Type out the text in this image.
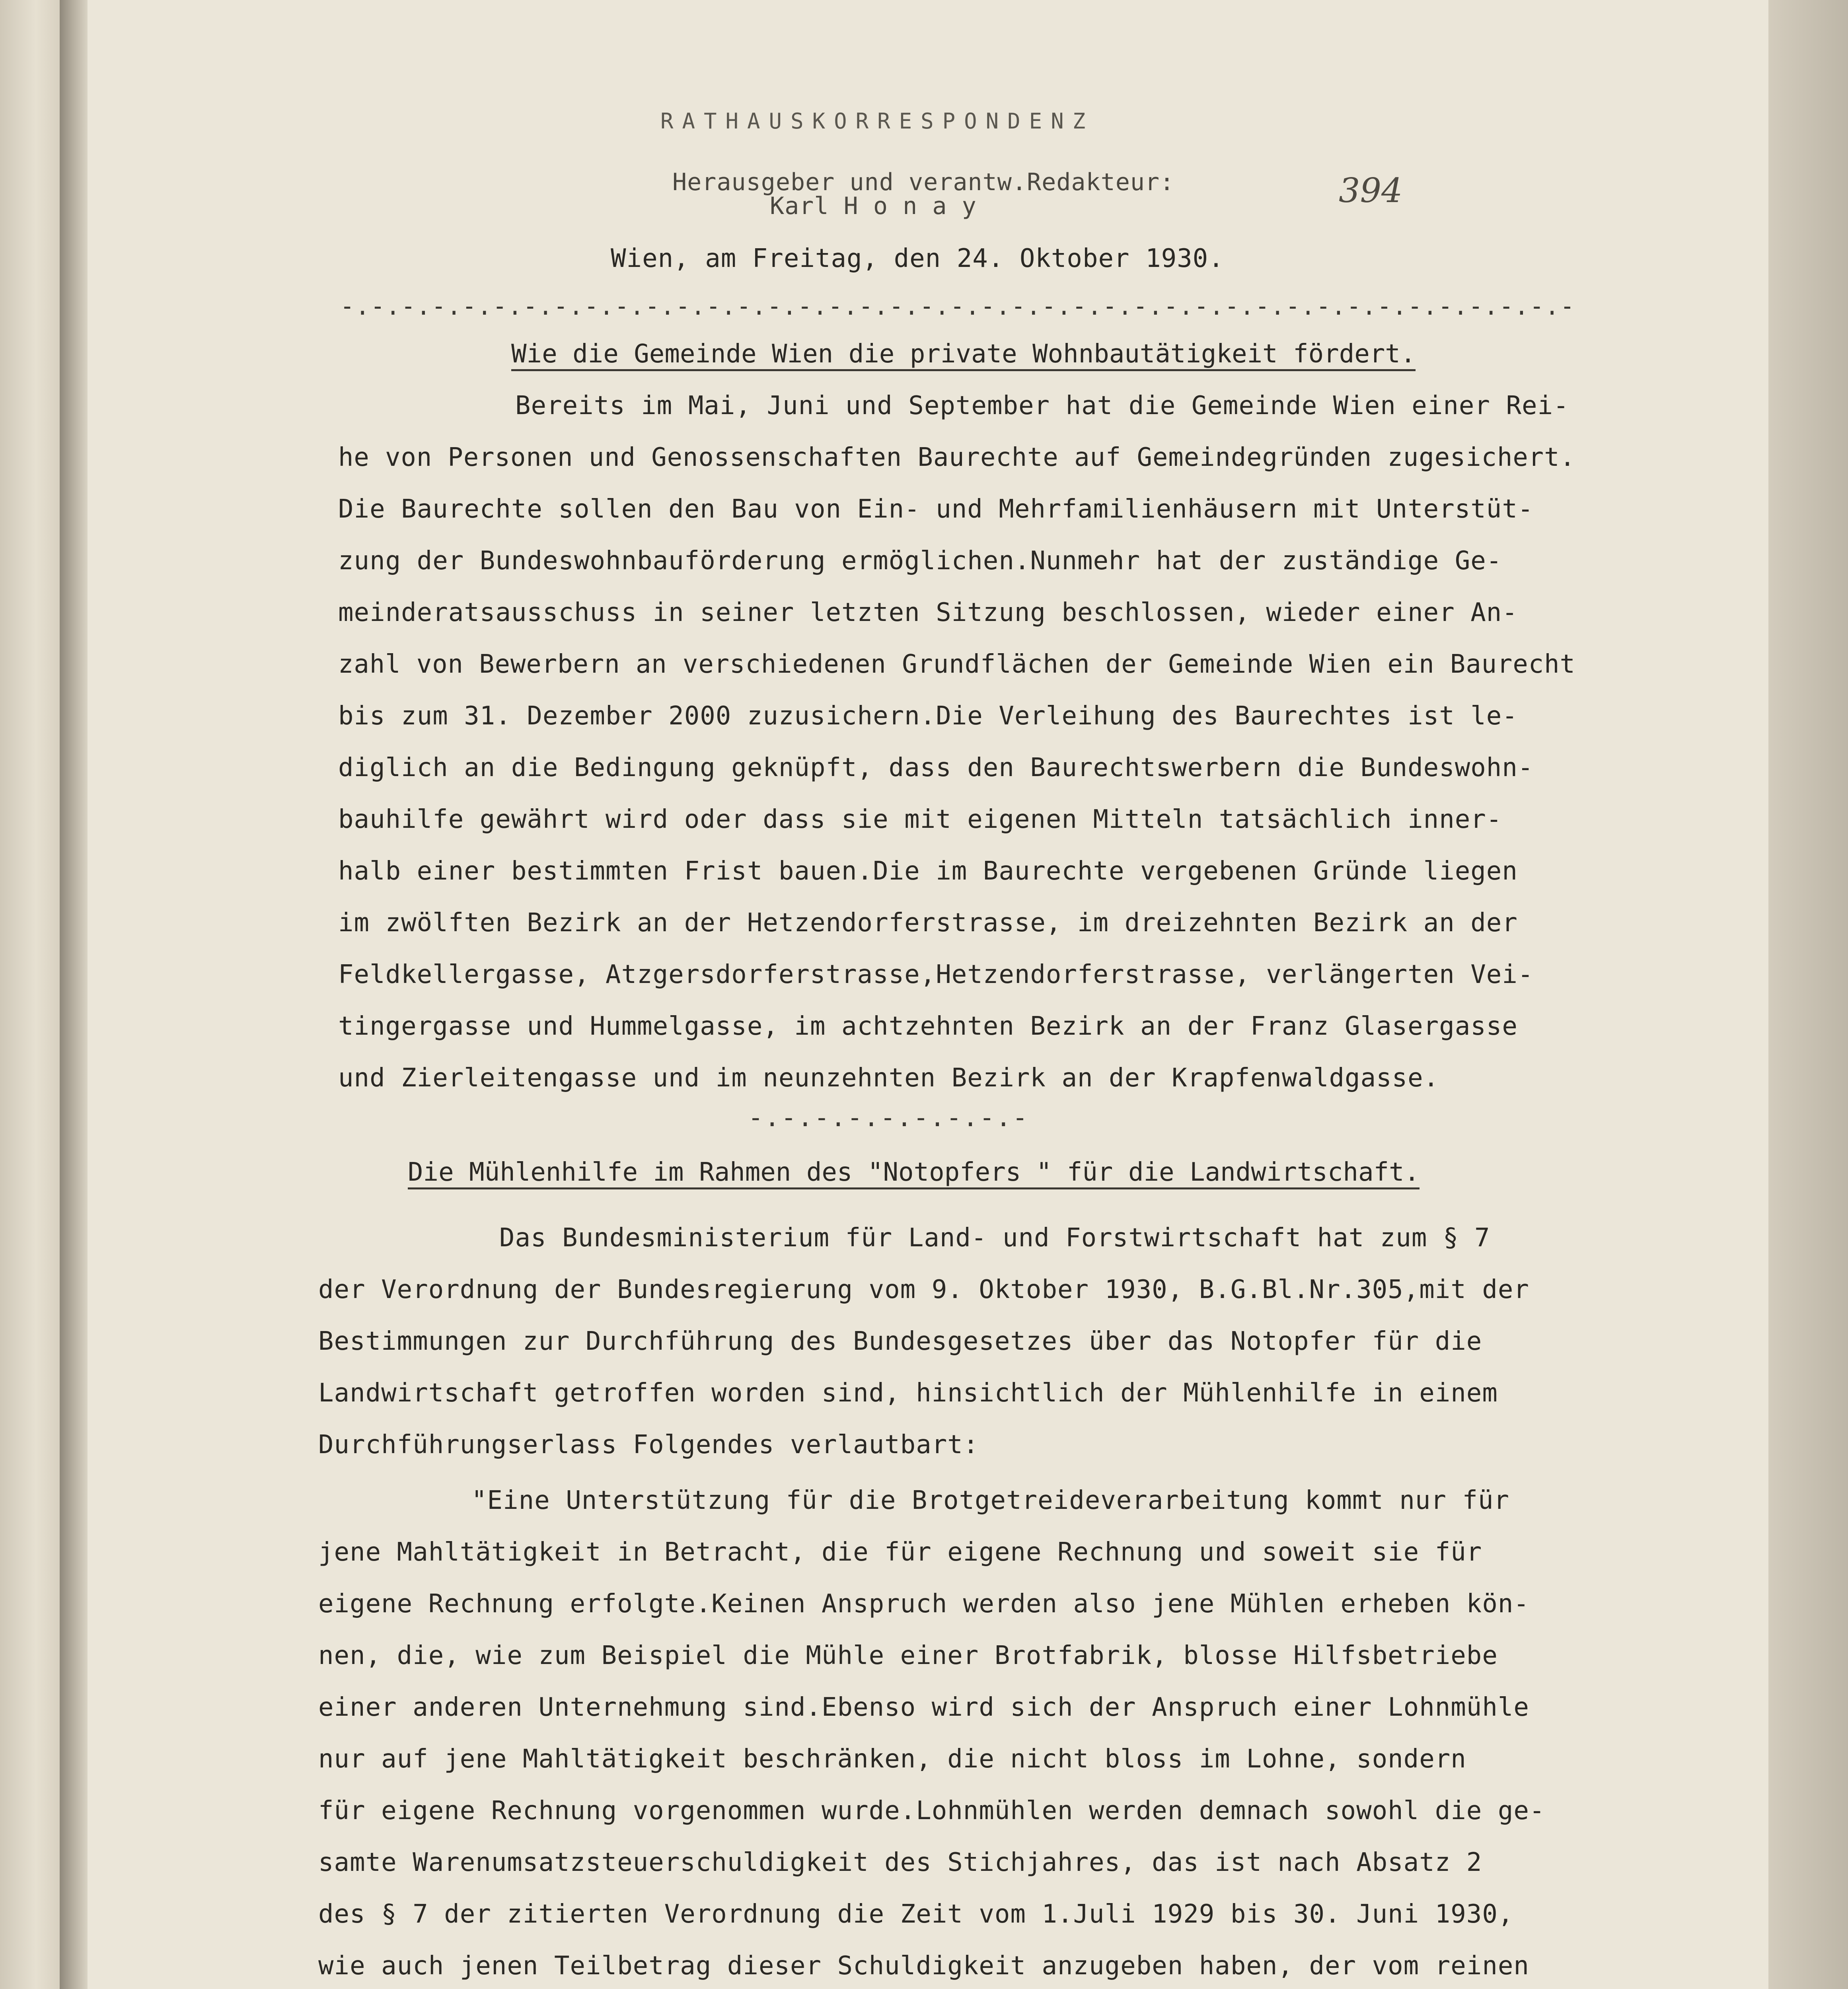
RATHAUSKORRESPONDENZ
Herausgeber und verantw.Redakteur:
Karl H o n a y	394
Wien, am Freitag, den 24. Oktober 1930.
-.-.-.-.-.-.-.-.-.-.-.-.-.-.-.-.-.-.-.-.-.-.-.-.-.-.-.-.-.-.-.-.-.-.-.-.-.-.-.-.-
Wie die Gemeinde Wien die private Wohnbautätigkeit fördert.
Bereits im Mai, Juni und September hat die Gemeinde Wien einer Rei-
he von Personen und Genossenschaften Baurechte auf Gemeindegründen zugesichert.
Die Baurechte sollen den Bau von Ein- und Mehrfamilienhäusern mit Unterstüt-
zung der Bundeswohnbauförderung ermöglichen.Nunmehr hat der zuständige Ge-
meinderatsausschuss in seiner letzten Sitzung beschlossen, wieder einer An-
zahl von Bewerbern an verschiedenen Grundflächen der Gemeinde Wien ein Baurecht
bis zum 31. Dezember 2000 zuzusichern.Die Verleihung des Baurechtes ist le-
diglich an die Bedingung geknüpft, dass den Baurechtswerbern die Bundeswohn-
bauhilfe gewährt wird oder dass sie mit eigenen Mitteln tatsächlich inner-
halb einer bestimmten Frist bauen.Die im Baurechte vergebenen Gründe liegen
im zwölften Bezirk an der Hetzendorferstrasse, im dreizehnten Bezirk an der
Feldkellergasse, Atzgersdorferstrasse,Hetzendorferstrasse, verlängerten Vei-
tingergasse und Hummelgasse, im achtzehnten Bezirk an der Franz Glasergasse
und Zierleitengasse und im neunzehnten Bezirk an der Krapfenwaldgasse.
-.-.-.-.-.-.-.-.-
Die Mühlenhilfe im Rahmen des "Notopfers " für die Landwirtschaft.
Das Bundesministerium für Land- und Forstwirtschaft hat zum § 7
der Verordnung der Bundesregierung vom 9. Oktober 1930, B.G.Bl.Nr.305,mit der
Bestimmungen zur Durchführung des Bundesgesetzes über das Notopfer für die
Landwirtschaft getroffen worden sind, hinsichtlich der Mühlenhilfe in einem
Durchführungserlass Folgendes verlautbart:
"Eine Unterstützung für die Brotgetreideverarbeitung kommt nur für
jene Mahltätigkeit in Betracht, die für eigene Rechnung und soweit sie für
eigene Rechnung erfolgte.Keinen Anspruch werden also jene Mühlen erheben kön-
nen, die, wie zum Beispiel die Mühle einer Brotfabrik, blosse Hilfsbetriebe
einer anderen Unternehmung sind.Ebenso wird sich der Anspruch einer Lohnmühle
nur auf jene Mahltätigkeit beschränken, die nicht bloss im Lohne, sondern
für eigene Rechnung vorgenommen wurde.Lohnmühlen werden demnach sowohl die ge-
samte Warenumsatzsteuerschuldigkeit des Stichjahres, das ist nach Absatz 2
des § 7 der zitierten Verordnung die Zeit vom 1.Juli 1929 bis 30. Juni 1930,
wie auch jenen Teilbetrag dieser Schuldigkeit anzugeben haben, der vom reinen
